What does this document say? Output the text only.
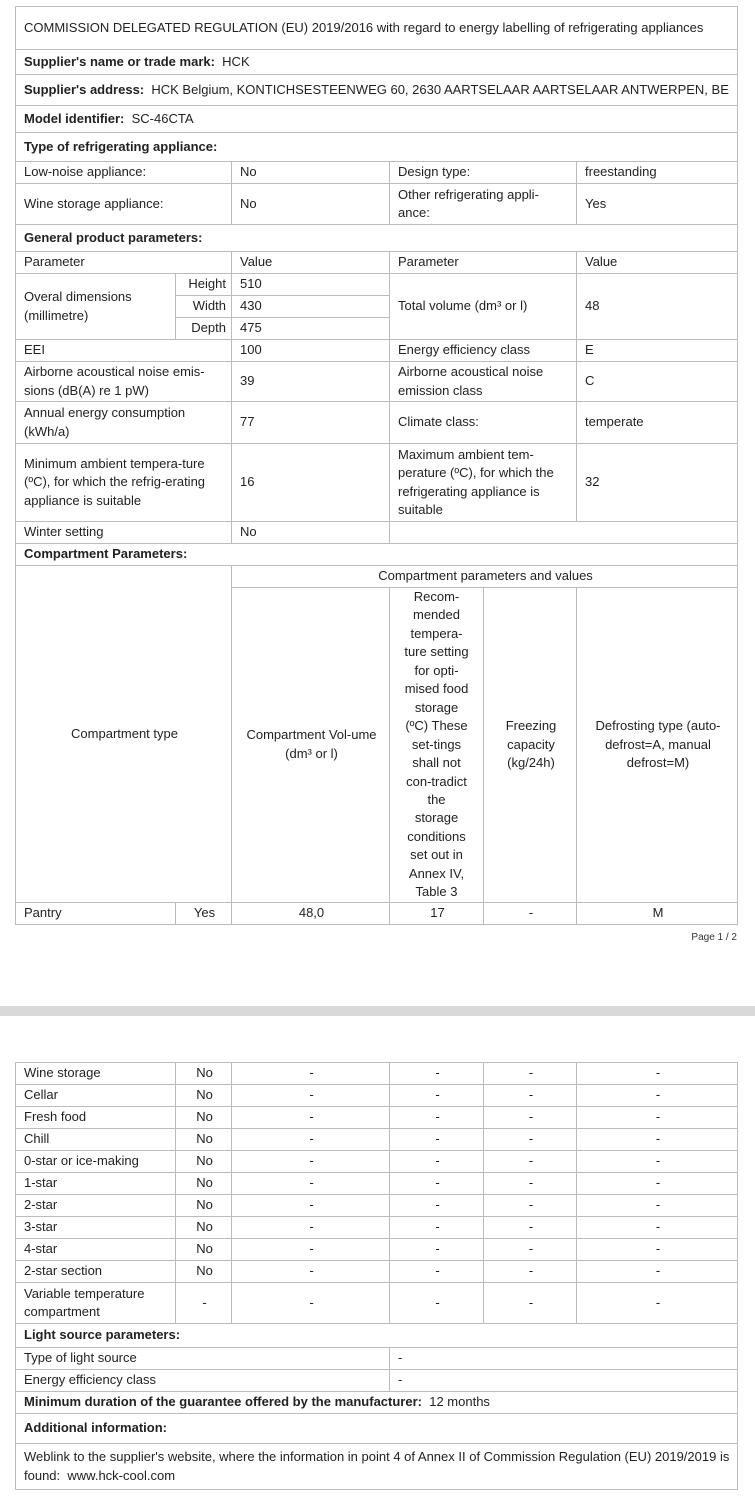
COMMISSION DELEGATED REGULATION (EU) 2019/2016 with regard to energy labelling of refrigerating appliances					
Supplier's name or trade mark: HCK					
Supplier's address: HCK Belgium, KONTICHSESTEENWEG 60, 2630 AARTSELAAR AARTSELAAR ANTWERPEN, BE					
Model identifier: SC-46CTA					
Type of refrigerating appliance:					
Low-noise appliance:		No	Design type:		freestanding
Wine storage appliance:		No	Other refrigerating appli-ance:		Yes
General product parameters:					
Parameter		Value	Parameter		Value
Overal dimensions (millimetre)	Height	510	Total volume (dm³ or l)		48
	Width	430			
	Depth	475			
EEI		100	Energy efficiency class		E
Airborne acoustical noise emis-sions (dB(A) re 1 pW)		39	Airborne acoustical noise emission class		C
Annual energy consumption (kWh/a)		77	Climate class:		temperate
Minimum ambient tempera-ture (ºC), for which the refrig-erating appliance is suitable		16	Maximum ambient tem-perature (ºC), for which the refrigerating appliance is suitable		32
Winter setting		No			
Compartment Parameters:					
Compartment type		Compartment parameters and values			
		Compartment Vol-ume (dm³ or l)	Recom-mended tempera-ture setting for opti-mised food storage (ºC) These set-tings shall not con-tradict the storage conditions set out in Annex IV, Table 3	Freezing capacity (kg/24h)	Defrosting type (auto-defrost=A, manual defrost=M)
Pantry	Yes	48,0	17	-	M
Page 1 / 2
Wine storage	No	-	-	-	-
Cellar	No	-	-	-	-
Fresh food	No	-	-	-	-
Chill	No	-	-	-	-
0-star or ice-making	No	-	-	-	-
1-star	No	-	-	-	-
2-star	No	-	-	-	-
3-star	No	-	-	-	-
4-star	No	-	-	-	-
2-star section	No	-	-	-	-
Variable temperature compartment	-	-	-	-	-
Light source parameters:					
Type of light source			-		
Energy efficiency class			-		
Minimum duration of the guarantee offered by the manufacturer: 12 months					
Additional information:					
Weblink to the supplier's website, where the information in point 4 of Annex II of Commission Regulation (EU) 2019/2019 is found: www.hck-cool.com					
